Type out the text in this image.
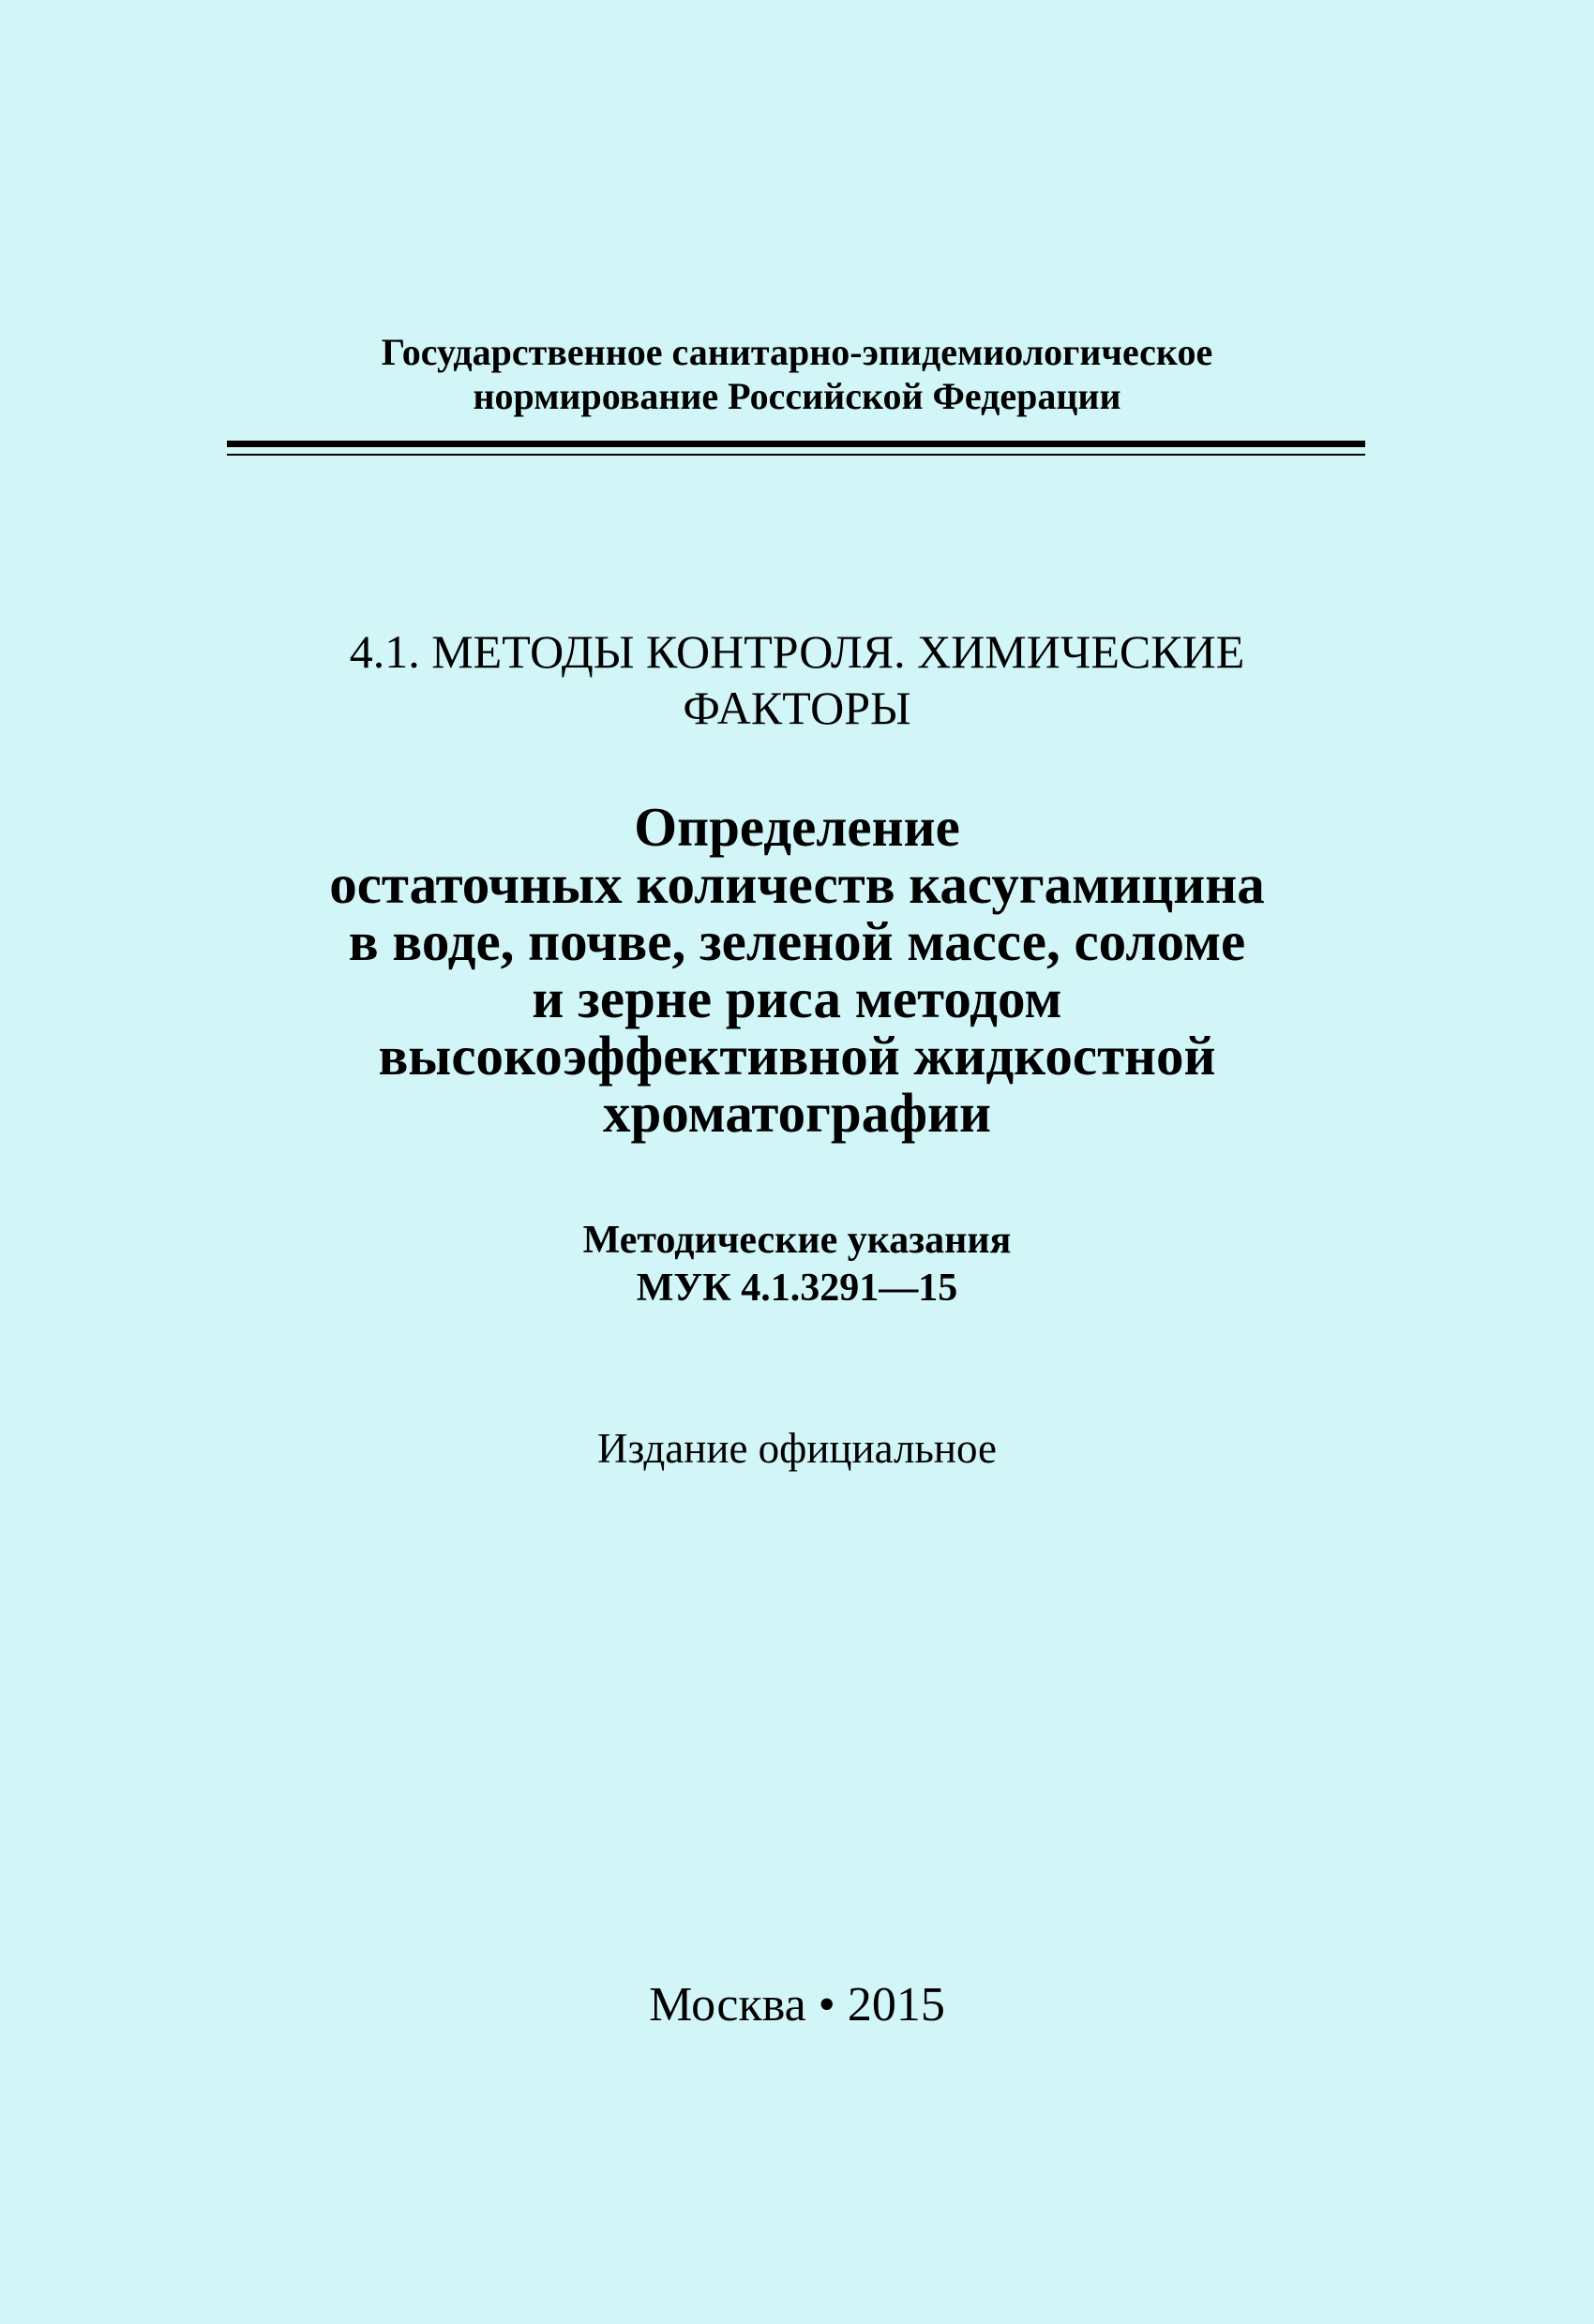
Государственное санитарно-эпидемиологическое
нормирование Российской Федерации
4.1. МЕТОДЫ КОНТРОЛЯ. ХИМИЧЕСКИЕ
ФАКТОРЫ
Определение
остаточных количеств касугамицина
в воде, почве, зеленой массе, соломе
и зерне риса методом
высокоэффективной жидкостной
хроматографии
Методические указания
МУК 4.1.3291—15
Издание официальное
Москва • 2015
